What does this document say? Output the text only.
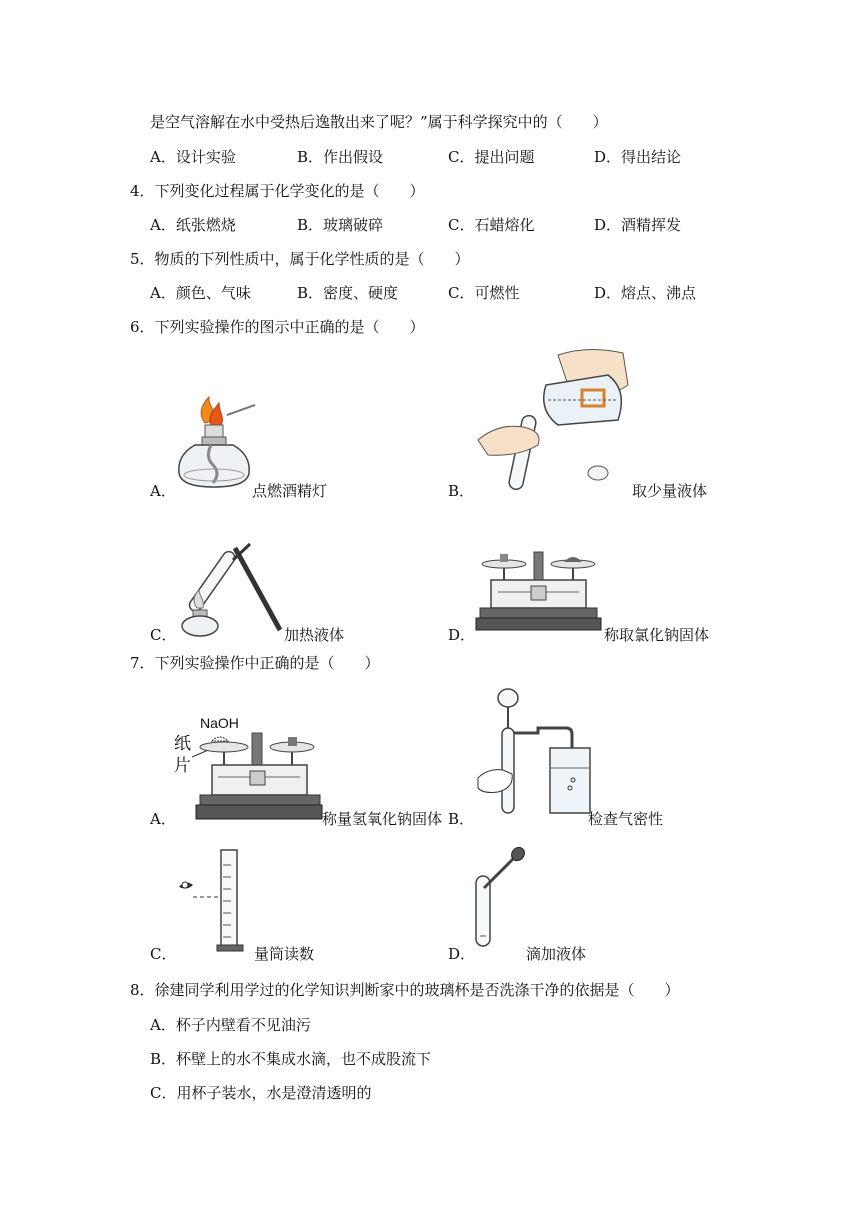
是空气溶解在水中受热后逸散出来了呢？”属于科学探究中的（　　）
A．设计实验	B．作出假设	C．提出问题	D．得出结论
4．下列变化过程属于化学变化的是（　　）
A．纸张燃烧	B．玻璃破碎	C．石蜡熔化	D．酒精挥发
5．物质的下列性质中，属于化学性质的是（　　）
A．颜色、气味	B．密度、硬度	C．可燃性	D．熔点、沸点
6．下列实验操作的图示中正确的是（　　）
A．	点燃酒精灯	B．	取少量液体
C．	加热液体	D．	称取氯化钠固体
7．下列实验操作中正确的是（　　）
NaOH
纸
片
A．	称量氢氧化钠固体 B．	检查气密性
C．	量筒读数	D．	滴加液体
8．徐建同学利用学过的化学知识判断家中的玻璃杯是否洗涤干净的依据是（　　）
A．杯子内壁看不见油污
B．杯壁上的水不集成水滴，也不成股流下
C．用杯子装水，水是澄清透明的
